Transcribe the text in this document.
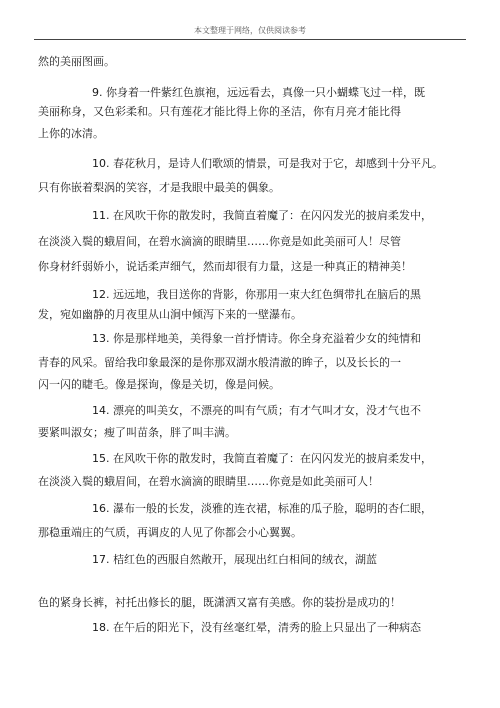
本文整理于网络，仅供阅读参考
然的美丽图画。
9. 你身着一件紫红色旗袍，远远看去，真像一只小蝴蝶飞过一样，既
美丽称身，又色彩柔和。只有莲花才能比得上你的圣洁，你有月亮才能比得
上你的冰清。
10. 春花秋月，是诗人们歌颂的情景，可是我对于它，却感到十分平凡。
只有你嵌着梨涡的笑容，才是我眼中最美的偶象。
11. 在风吹干你的散发时，我简直着魔了：在闪闪发光的披肩柔发中，
在淡淡入鬓的蛾眉间，在碧水滴滴的眼睛里……你竟是如此美丽可人！尽管
你身材纤弱娇小，说话柔声细气，然而却很有力量，这是一种真正的精神美！
12. 远远地，我目送你的背影，你那用一束大红色绸带扎在脑后的黑
发，宛如幽静的月夜里从山涧中倾泻下来的一壁瀑布。
13. 你是那样地美，美得象一首抒情诗。你全身充溢着少女的纯情和
青春的风采。留给我印象最深的是你那双湖水般清澈的眸子，以及长长的一
闪一闪的睫毛。像是探询，像是关切，像是问候。
14. 漂亮的叫美女，不漂亮的叫有气质；有才气叫才女，没才气也不
要紧叫淑女；瘦了叫苗条，胖了叫丰满。
15. 在风吹干你的散发时，我简直着魔了：在闪闪发光的披肩柔发中，
在淡淡入鬓的蛾眉间，在碧水滴滴的眼睛里……你竟是如此美丽可人！
16. 瀑布一般的长发，淡雅的连衣裙，标准的瓜子脸，聪明的杏仁眼，
那稳重端庄的气质，再调皮的人见了你都会小心翼翼。
17. 桔红色的西服自然敞开，展现出红白相间的绒衣，湖蓝
色的紧身长裤，衬托出修长的腿，既潇洒又富有美感。你的装扮是成功的！
18. 在午后的阳光下，没有丝毫红晕，清秀的脸上只显出了一种病态
